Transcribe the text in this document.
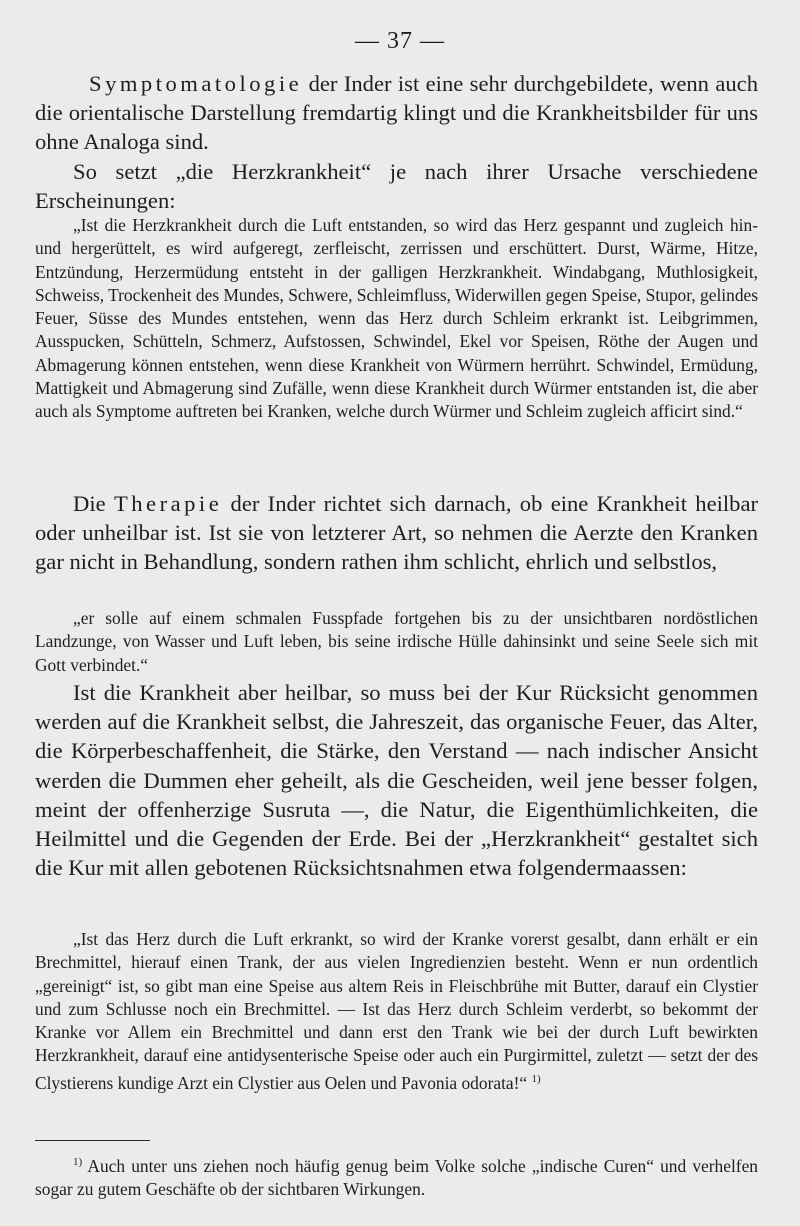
— 37 —

Symptomatologie der Inder ist eine sehr durchgebildete, wenn auch die orientalische Darstellung fremdartig klingt und die Krankheitsbilder für uns ohne Analoga sind.

So setzt „die Herzkrankheit“ je nach ihrer Ursache verschiedene Erscheinungen:

„Ist die Herzkrankheit durch die Luft entstanden, so wird das Herz gespannt und zugleich hin- und hergerüttelt, es wird aufgeregt, zerfleischt, zerrissen und erschüttert. Durst, Wärme, Hitze, Entzündung, Herzermüdung entsteht in der galligen Herzkrankheit. Windabgang, Muthlosigkeit, Schweiss, Trockenheit des Mundes, Schwere, Schleimfluss, Widerwillen gegen Speise, Stupor, gelindes Feuer, Süsse des Mundes entstehen, wenn das Herz durch Schleim erkrankt ist. Leibgrimmen, Ausspucken, Schütteln, Schmerz, Aufstossen, Schwindel, Ekel vor Speisen, Röthe der Augen und Abmagerung können entstehen, wenn diese Krankheit von Würmern herrührt. Schwindel, Ermüdung, Mattigkeit und Abmagerung sind Zufälle, wenn diese Krankheit durch Würmer entstanden ist, die aber auch als Symptome auftreten bei Kranken, welche durch Würmer und Schleim zugleich afficirt sind.“

Die Therapie der Inder richtet sich darnach, ob eine Krankheit heilbar oder unheilbar ist. Ist sie von letzterer Art, so nehmen die Aerzte den Kranken gar nicht in Behandlung, sondern rathen ihm schlicht, ehrlich und selbstlos,

„er solle auf einem schmalen Fusspfade fortgehen bis zu der unsichtbaren nordöstlichen Landzunge, von Wasser und Luft leben, bis seine irdische Hülle dahinsinkt und seine Seele sich mit Gott verbindet.“

Ist die Krankheit aber heilbar, so muss bei der Kur Rücksicht genommen werden auf die Krankheit selbst, die Jahreszeit, das organische Feuer, das Alter, die Körperbeschaffenheit, die Stärke, den Verstand — nach indischer Ansicht werden die Dummen eher geheilt, als die Gescheiden, weil jene besser folgen, meint der offenherzige Susruta —, die Natur, die Eigenthümlichkeiten, die Heilmittel und die Gegenden der Erde. Bei der „Herzkrankheit“ gestaltet sich die Kur mit allen gebotenen Rücksichtsnahmen etwa folgendermaassen:

„Ist das Herz durch die Luft erkrankt, so wird der Kranke vorerst gesalbt, dann erhält er ein Brechmittel, hierauf einen Trank, der aus vielen Ingredienzien besteht. Wenn er nun ordentlich „gereinigt“ ist, so gibt man eine Speise aus altem Reis in Fleischbrühe mit Butter, darauf ein Clystier und zum Schlusse noch ein Brechmittel. — Ist das Herz durch Schleim verderbt, so bekommt der Kranke vor Allem ein Brechmittel und dann erst den Trank wie bei der durch Luft bewirkten Herzkrankheit, darauf eine antidysenterische Speise oder auch ein Purgirmittel, zuletzt — setzt der des Clystierens kundige Arzt ein Clystier aus Oelen und Pavonia odorata!“ $^{1)}$

$^{1)}$ Auch unter uns ziehen noch häufig genug beim Volke solche „indische Curen“ und verhelfen sogar zu gutem Geschäfte ob der sichtbaren Wirkungen.
